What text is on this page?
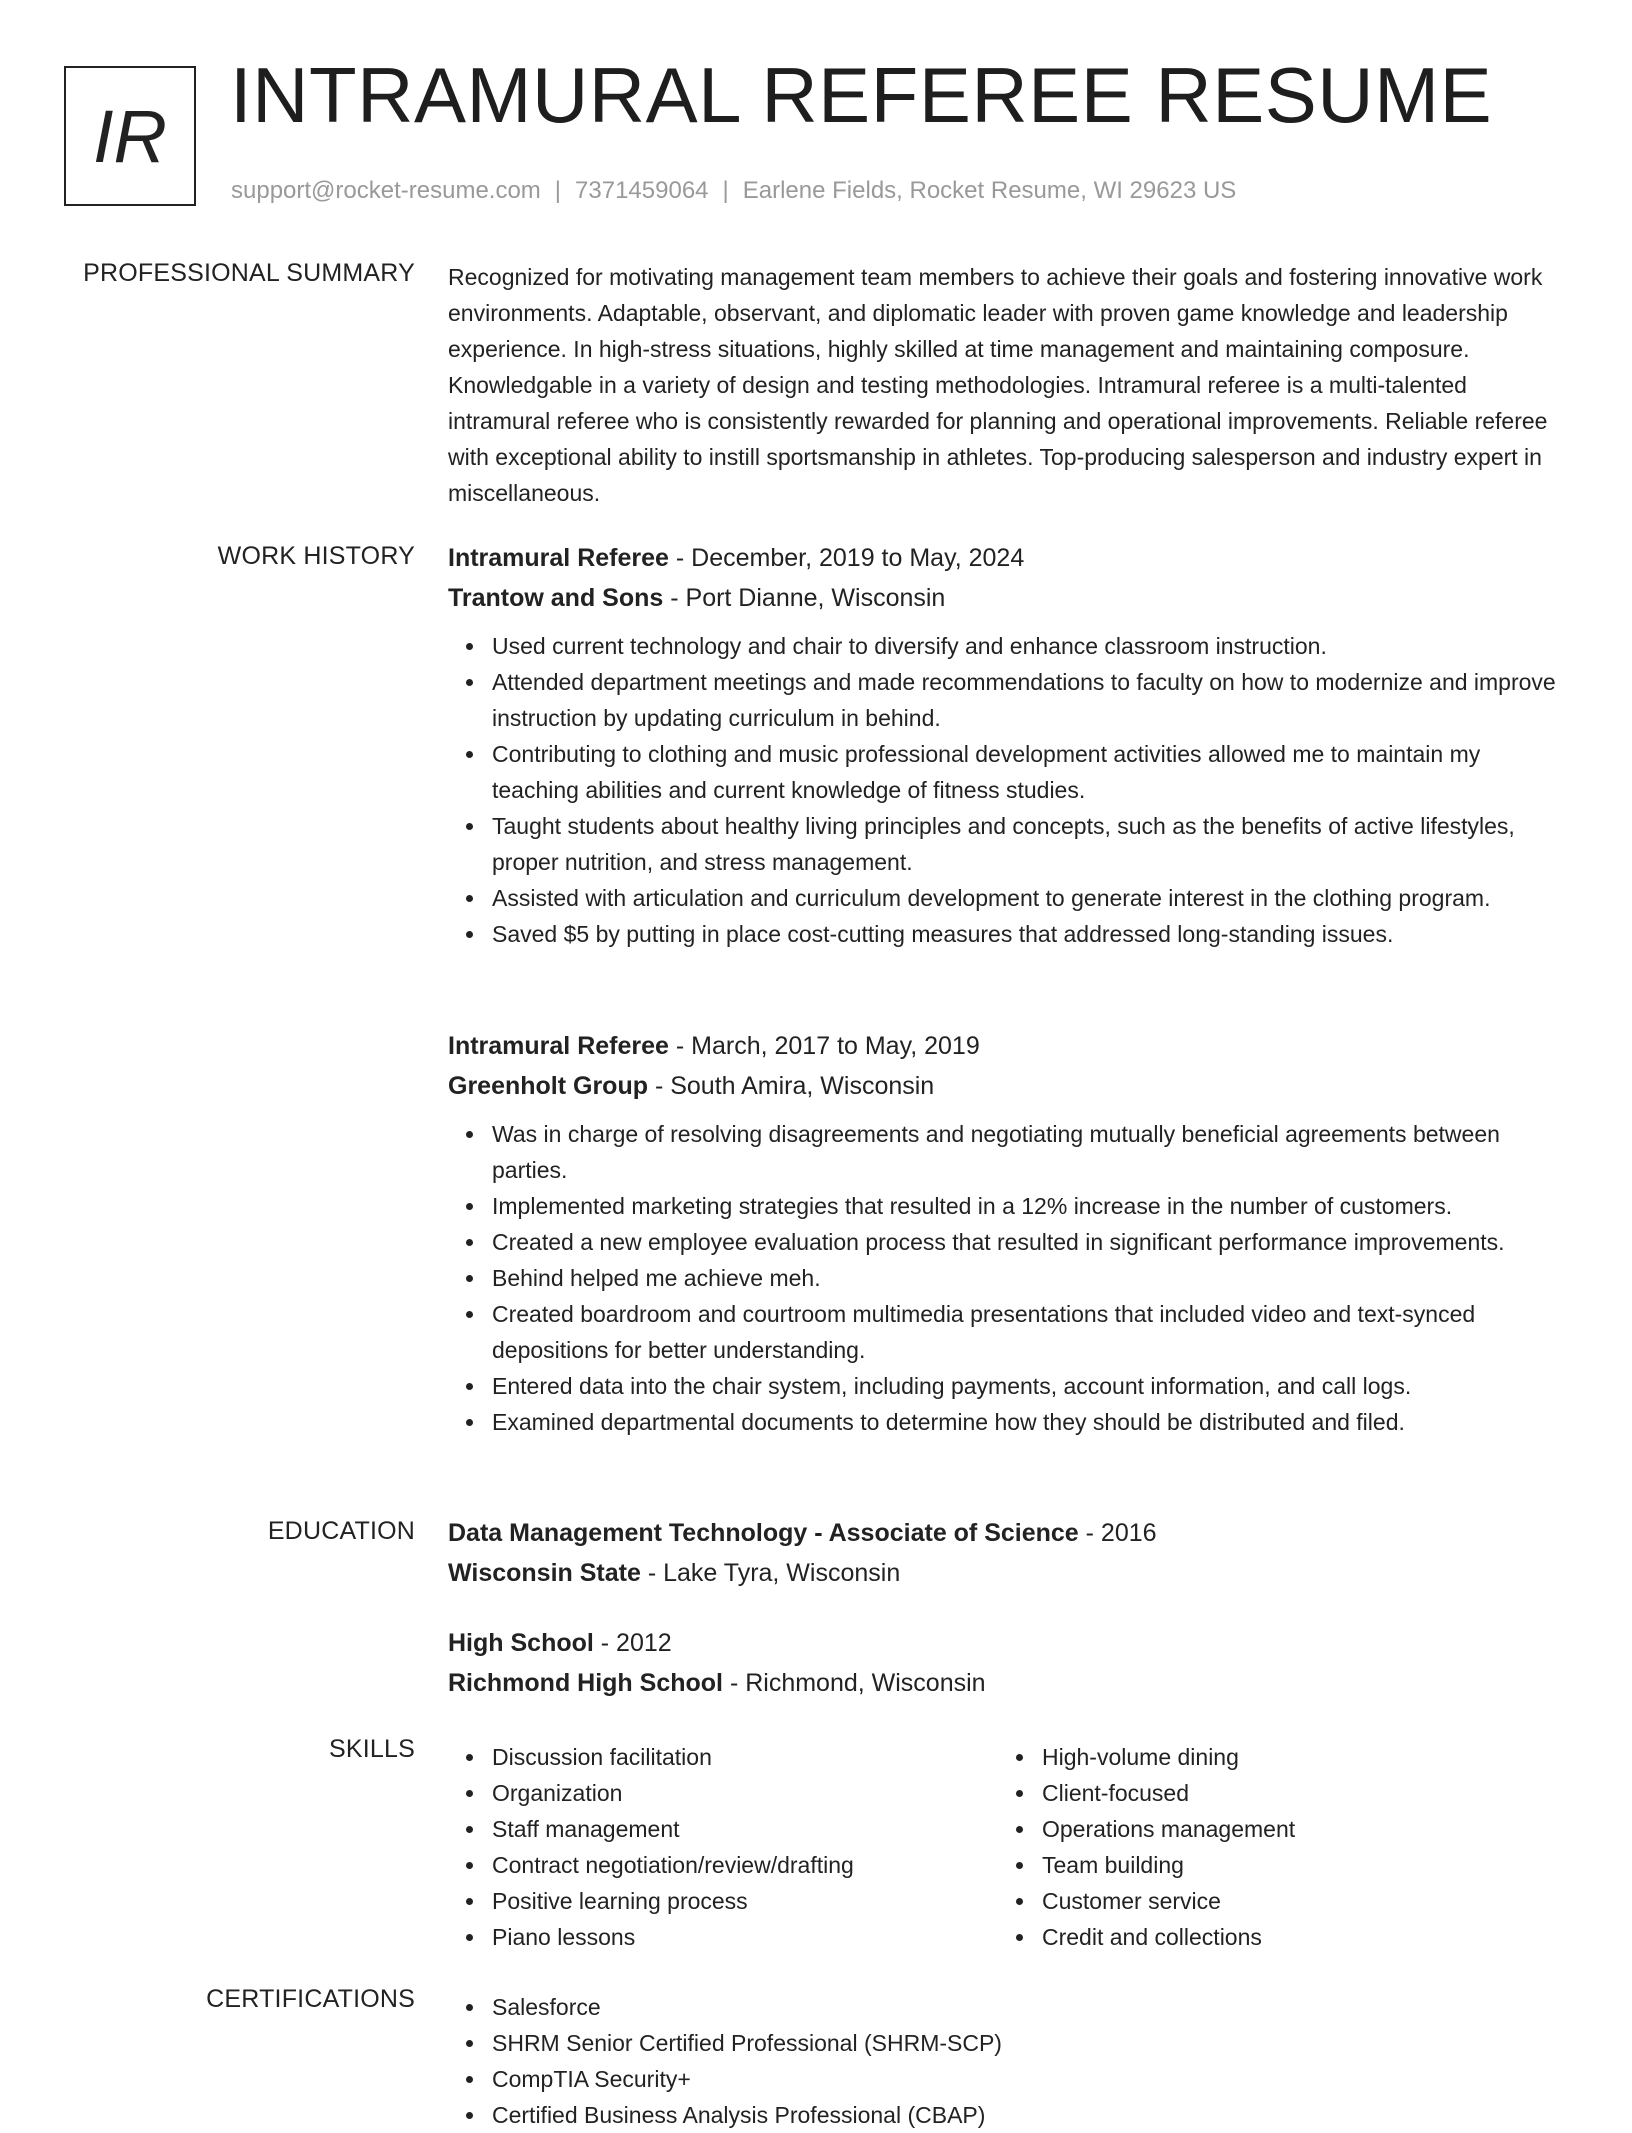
IR INTRAMURAL REFEREE RESUME
support@rocket-resume.com | 7371459064 | Earlene Fields, Rocket Resume, WI 29623 US
PROFESSIONAL SUMMARY Recognized for motivating management team members to achieve their goals and fostering innovative work environments. Adaptable, observant, and diplomatic leader with proven game knowledge and leadership experience. In high-stress situations, highly skilled at time management and maintaining composure. Knowledgable in a variety of design and testing methodologies. Intramural referee is a multi-talented intramural referee who is consistently rewarded for planning and operational improvements. Reliable referee with exceptional ability to instill sportsmanship in athletes. Top-producing salesperson and industry expert in miscellaneous.

WORK HISTORY Intramural Referee - December, 2019 to May, 2024
Trantow and Sons - Port Dianne, Wisconsin
Used current technology and chair to diversify and enhance classroom instruction.
Attended department meetings and made recommendations to faculty on how to modernize and improve instruction by updating curriculum in behind.
Contributing to clothing and music professional development activities allowed me to maintain my teaching abilities and current knowledge of fitness studies.
Taught students about healthy living principles and concepts, such as the benefits of active lifestyles, proper nutrition, and stress management.
Assisted with articulation and curriculum development to generate interest in the clothing program.
Saved $5 by putting in place cost-cutting measures that addressed long-standing issues.
Intramural Referee - March, 2017 to May, 2019
Greenholt Group - South Amira, Wisconsin
Was in charge of resolving disagreements and negotiating mutually beneficial agreements between parties.
Implemented marketing strategies that resulted in a 12% increase in the number of customers.
Created a new employee evaluation process that resulted in significant performance improvements.
Behind helped me achieve meh.
Created boardroom and courtroom multimedia presentations that included video and text-synced depositions for better understanding.
Entered data into the chair system, including payments, account information, and call logs.
Examined departmental documents to determine how they should be distributed and filed.
EDUCATION Data Management Technology - Associate of Science - 2016
Wisconsin State - Lake Tyra, Wisconsin
High School - 2012
Richmond High School - Richmond, Wisconsin
SKILLS	Discussion facilitation
Organization
Staff management
Contract negotiation/review/drafting
Positive learning process
Piano lessons
High-volume dining
Client-focused
Operations management
Team building
Customer service
Credit and collections
CERTIFICATIONS	Salesforce
SHRM Senior Certified Professional (SHRM-SCP)
CompTIA Security+
Certified Business Analysis Professional (CBAP)
